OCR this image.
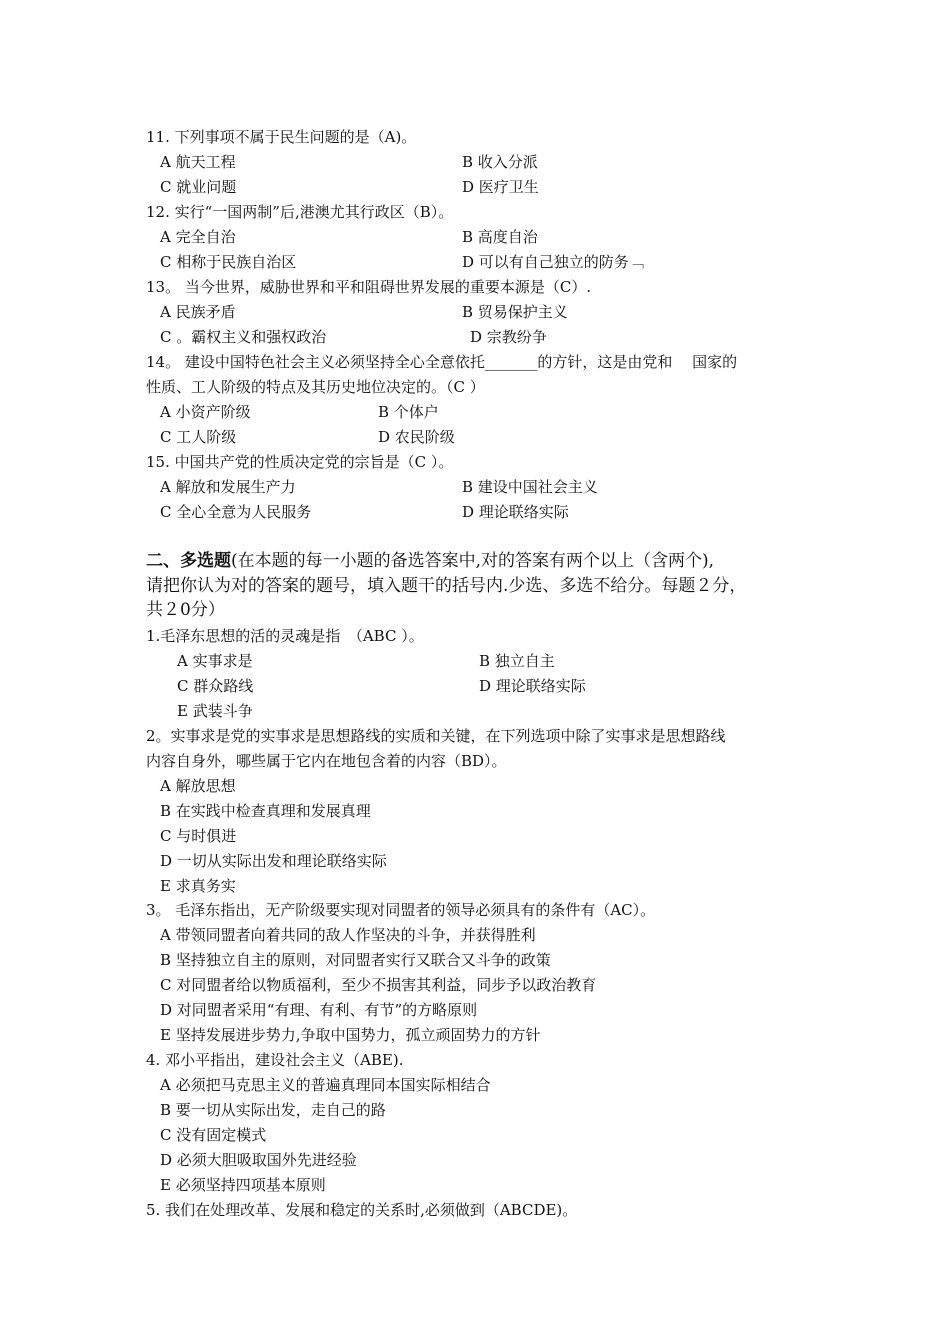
11. 下列事项不属于民生问题的是（A)。
A 航天工程	B 收入分派
C 就业问题	D 医疗卫生
12. 实行“一国两制”后,港澳尤其行政区（B）。
A 完全自治	B 高度自治
C 相称于民族自治区	D 可以有自己独立的防务﹁
13。 当今世界，威胁世界和平和阻碍世界发展的重要本源是（C）.
A 民族矛盾	B 贸易保护主义
C 。霸权主义和强权政治	D 宗教纷争
14。 建设中国特色社会主义必须坚持全心全意依托_______的方针，这是由党和　 国家的
性质、工人阶级的特点及其历史地位决定的。（C ）
A 小资产阶级	B 个体户
C 工人阶级	D 农民阶级
15. 中国共产党的性质决定党的宗旨是（C ）。
A 解放和发展生产力	B 建设中国社会主义
C 全心全意为人民服务	D 理论联络实际
二、多选题(在本题的每一小题的备选答案中,对的答案有两个以上（含两个),
请把你认为对的答案的题号，填入题干的括号内.少选、多选不给分。每题２分，
共２0分）
1.毛泽东思想的活的灵魂是指　（ABC ）。
A 实事求是	B 独立自主
C 群众路线	D 理论联络实际
E 武装斗争
2。实事求是党的实事求是思想路线的实质和关键，在下列选项中除了实事求是思想路线
内容自身外，哪些属于它内在地包含着的内容（BD）。
A 解放思想
B 在实践中检查真理和发展真理
C 与时俱进
D 一切从实际出发和理论联络实际
E 求真务实
3。 毛泽东指出，无产阶级要实现对同盟者的领导必须具有的条件有（AC）。
A 带领同盟者向着共同的敌人作坚决的斗争，并获得胜利
B 坚持独立自主的原则，对同盟者实行又联合又斗争的政策
C 对同盟者给以物质福利，至少不损害其利益，同步予以政治教育
D 对同盟者采用“有理、有利、有节”的方略原则
E 坚持发展进步势力,争取中国势力，孤立顽固势力的方针
4. 邓小平指出，建设社会主义（ABE).
A 必须把马克思主义的普遍真理同本国实际相结合
B 要一切从实际出发，走自己的路
C 没有固定模式
D 必须大胆吸取国外先进经验
E 必须坚持四项基本原则
5. 我们在处理改革、发展和稳定的关系时,必须做到（ABCDE)。
